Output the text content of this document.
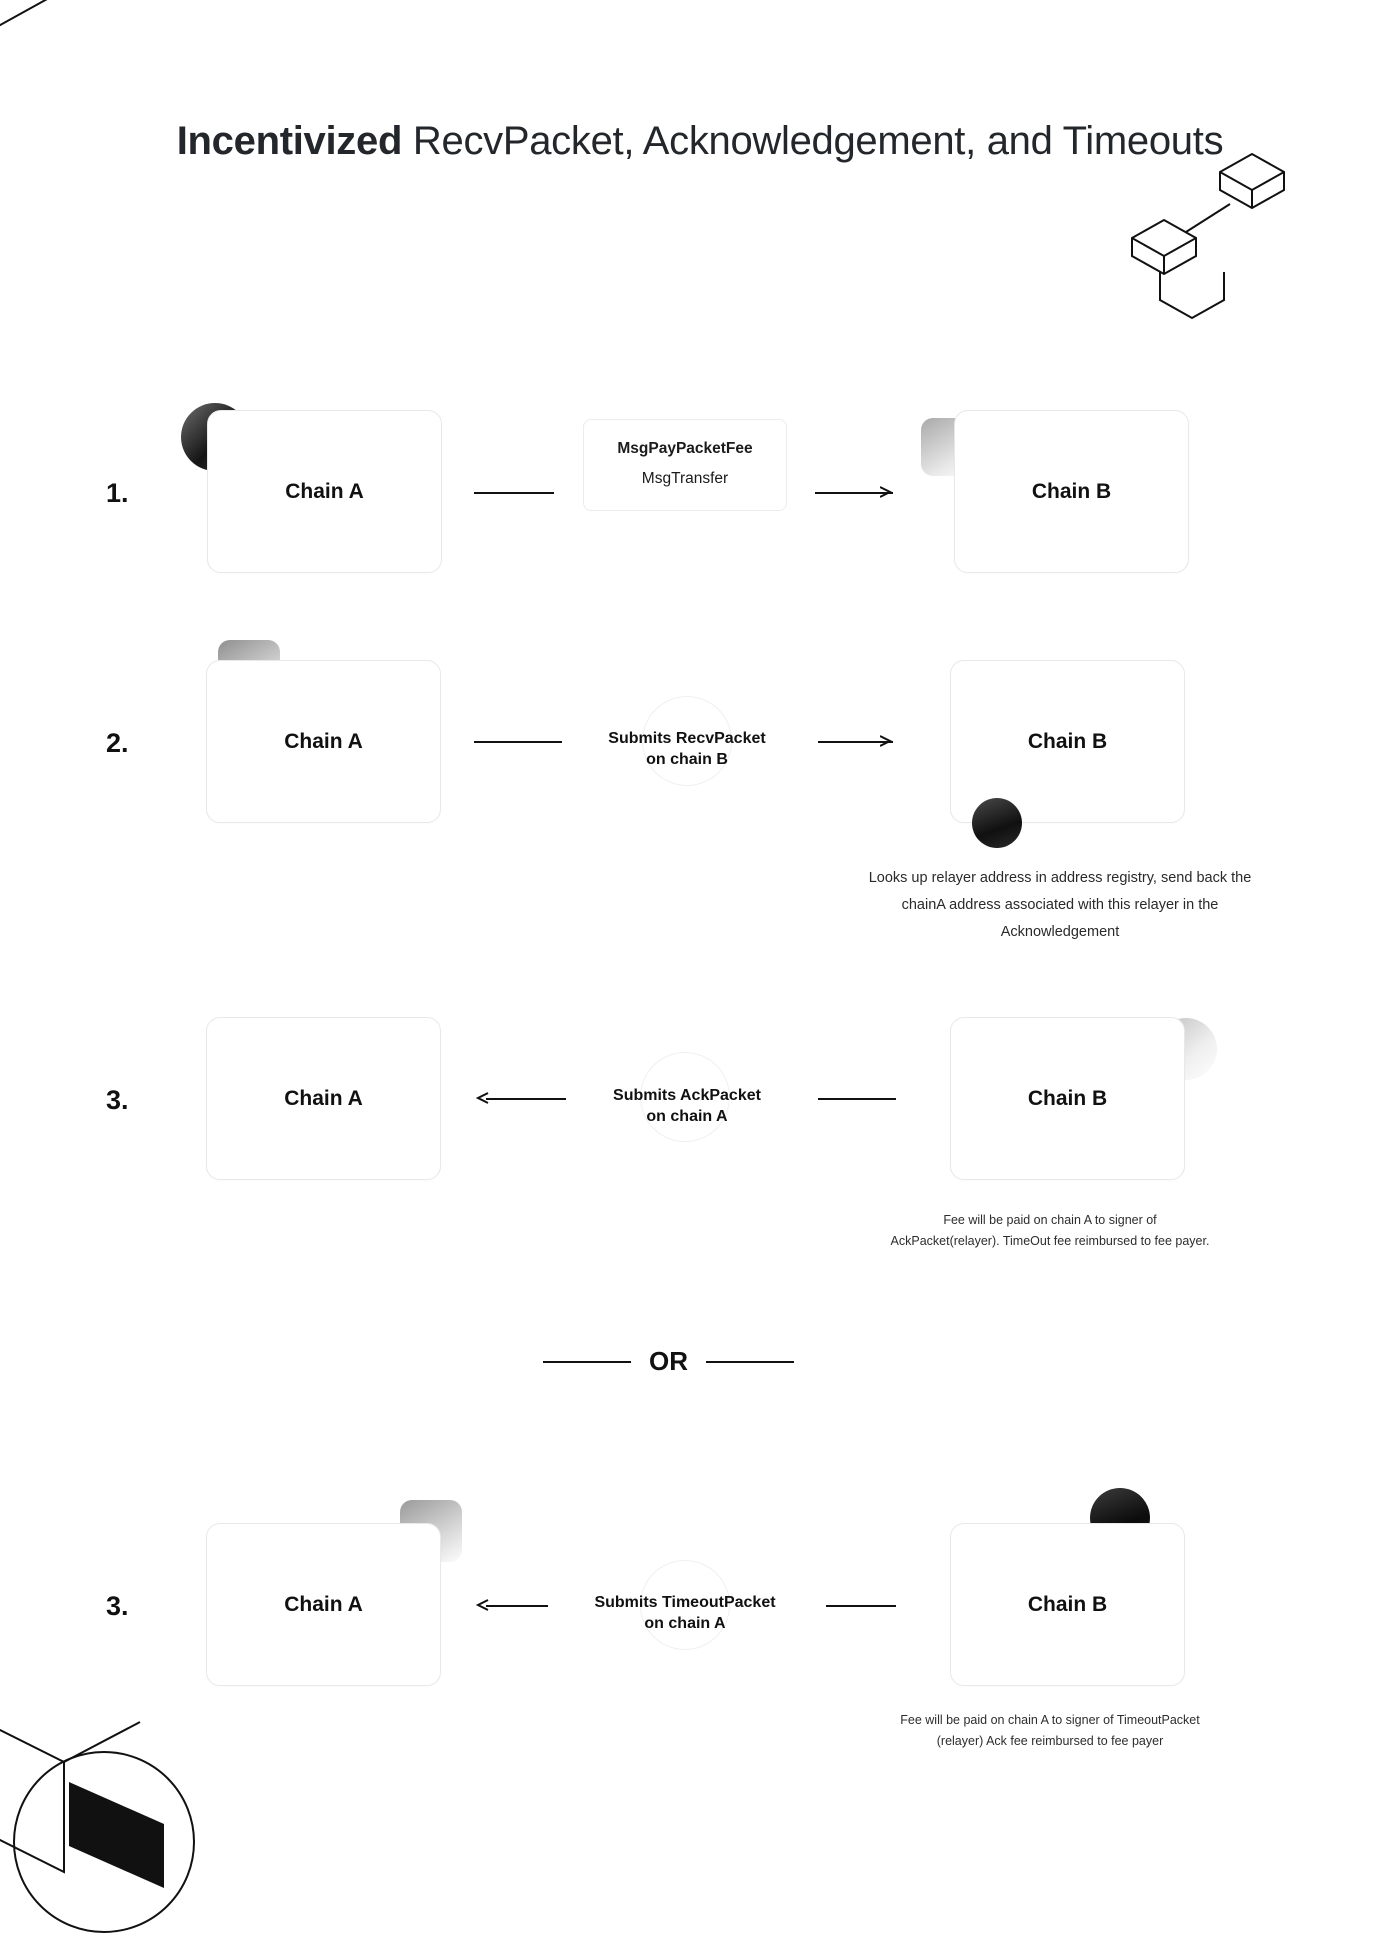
Incentivized RecvPacket, Acknowledgement, and Timeouts
1.	Chain A
MsgPayPacketFee
MsgTransfer
Chain B
2.	Chain A	Submits RecvPacket
on chain B
Chain B
Looks up relayer address in address registry, send back the chainA address associated with this relayer in the Acknowledgement
3.	Chain A	Submits AckPacket
on chain A
Chain B
Fee will be paid on chain A to signer of AckPacket(relayer). TimeOut fee reimbursed to fee payer.
OR
3.	Chain A	Submits TimeoutPacket
on chain A
Chain B
Fee will be paid on chain A to signer of TimeoutPacket (relayer) Ack fee reimbursed to fee payer
